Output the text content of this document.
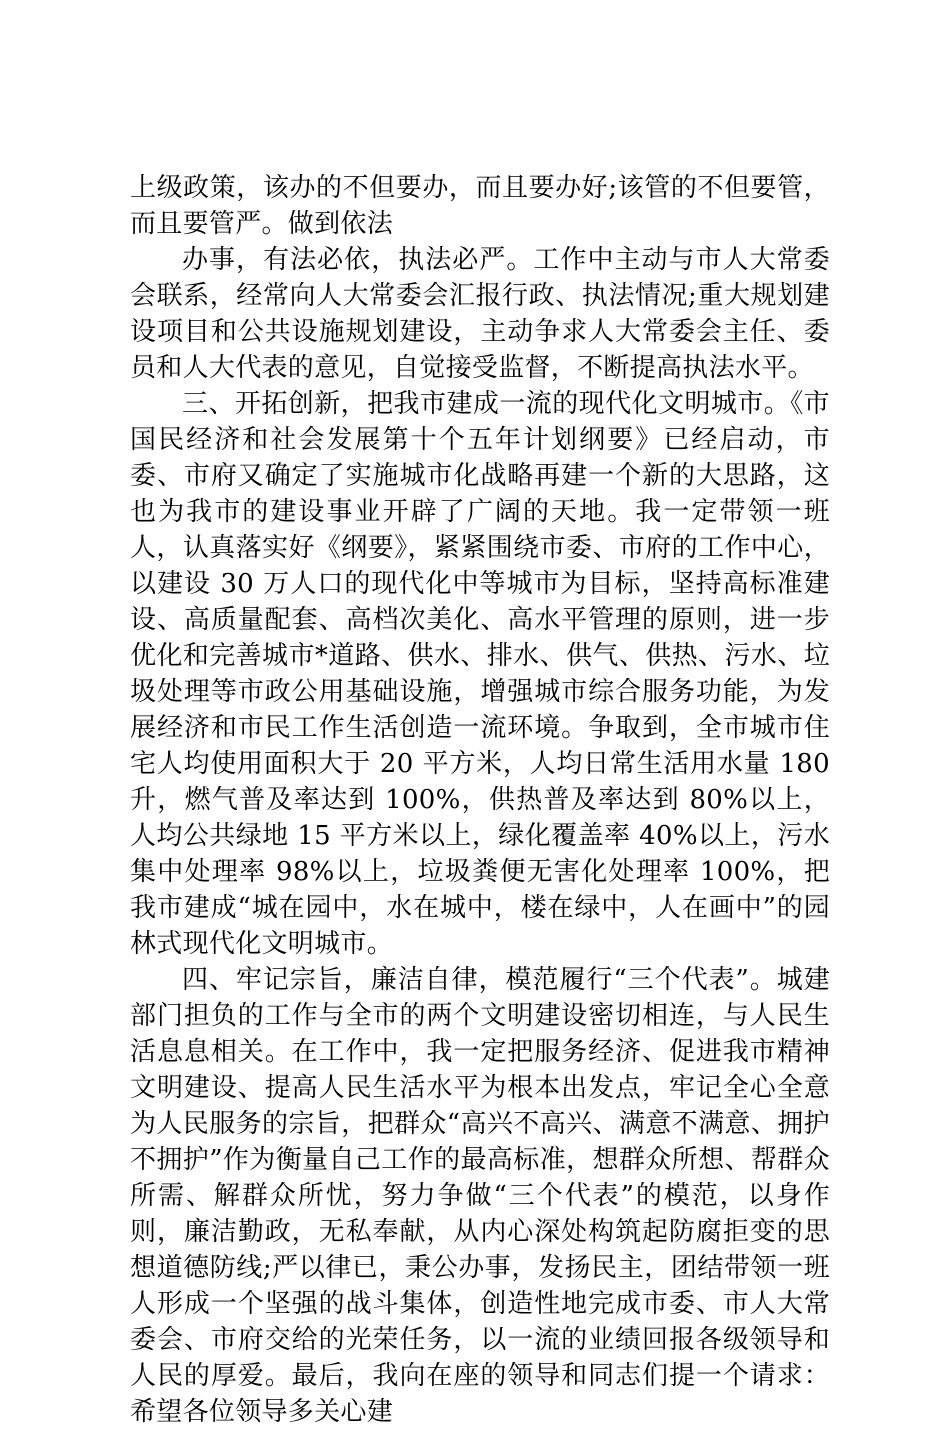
上级政策，该办的不但要办，而且要办好;该管的不但要管，而且要管严。做到依法

办事，有法必依，执法必严。工作中主动与市人大常委会联系，经常向人大常委会汇报行政、执法情况;重大规划建设项目和公共设施规划建设，主动争求人大常委会主任、委员和人大代表的意见，自觉接受监督，不断提高执法水平。

三、开拓创新，把我市建成一流的现代化文明城市。《市国民经济和社会发展第十个五年计划纲要》已经启动，市委、市府又确定了实施城市化战略再建一个新的大思路，这也为我市的建设事业开辟了广阔的天地。我一定带领一班人，认真落实好《纲要》，紧紧围绕市委、市府的工作中心，以建设 30 万人口的现代化中等城市为目标，坚持高标准建设、高质量配套、高档次美化、高水平管理的原则，进一步优化和完善城市*道路、供水、排水、供气、供热、污水、垃圾处理等市政公用基础设施，增强城市综合服务功能，为发展经济和市民工作生活创造一流环境。争取到，全市城市住宅人均使用面积大于 20 平方米，人均日常生活用水量 180 升，燃气普及率达到 100%，供热普及率达到 80%以上，人均公共绿地 15 平方米以上，绿化覆盖率 40%以上，污水集中处理率 98%以上，垃圾粪便无害化处理率 100%，把我市建成“城在园中，水在城中，楼在绿中，人在画中”的园林式现代化文明城市。

四、牢记宗旨，廉洁自律，模范履行“三个代表”。城建部门担负的工作与全市的两个文明建设密切相连，与人民生活息息相关。在工作中，我一定把服务经济、促进我市精神文明建设、提高人民生活水平为根本出发点，牢记全心全意为人民服务的宗旨，把群众“高兴不高兴、满意不满意、拥护不拥护”作为衡量自己工作的最高标准，想群众所想、帮群众所需、解群众所忧，努力争做“三个代表”的模范，以身作则，廉洁勤政，无私奉献，从内心深处构筑起防腐拒变的思想道德防线;严以律已，秉公办事，发扬民主，团结带领一班人形成一个坚强的战斗集体，创造性地完成市委、市人大常委会、市府交给的光荣任务，以一流的业绩回报各级领导和人民的厚爱。最后，我向在座的领导和同志们提一个请求：希望各位领导多关心建
